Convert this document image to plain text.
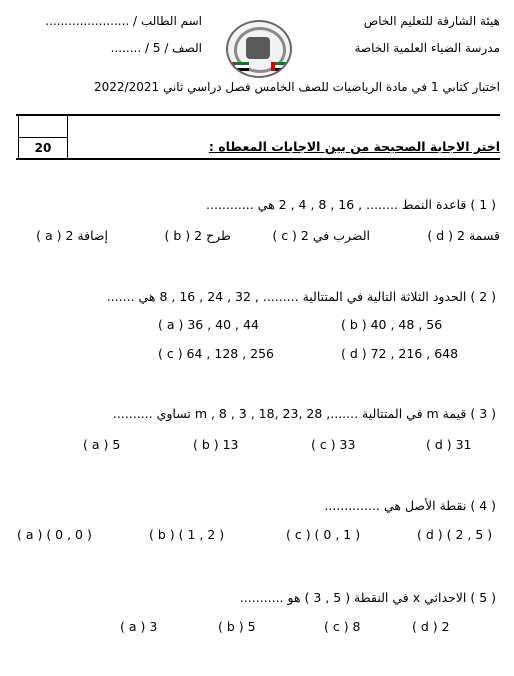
هيئة الشارقة للتعليم الخاص
اسم الطالب / ......................
مدرسة الضياء العلمية الخاصة
الصف / 5 / ........
اختبار كتابي 1 في مادة الرياضيات للصف الخامس فصل دراسي ثاني 2022/2021
20	اختر الاجابة الصحيحة من بين الاجابات المعطاه :
( 1 ) قاعدة النمط ........ , 16 , 8 , 4 , 2 هي ............
قسمة 2 ( d )
الضرب في 2 ( c )
طرح 2 ( b )
إضافة 2 ( a )
( 2 ) الحدود الثلاثة التالية في المتتالية ......... , 32 , 24 , 16 , 8 هي .......
( a ) 36 , 40 , 44	( b ) 40 , 48 , 56
( c ) 64 , 128 , 256	( d ) 72 , 216 , 648
( 3 ) قيمة m في المتتالية ......., 28 ,23 ,18 , m , 8 , 3 تساوي ..........
( a ) 5	( b ) 13	( c ) 33	( d ) 31
( 4 ) نقطة الأصل هي ..............
( a ) ( 0 , 0 )	( b ) ( 1 , 2 )	( c ) ( 0 , 1 )	( d ) ( 2 , 5 )
( 5 ) الاحداثي x في النقطة ( 5 , 3 ) هو ...........
( a ) 3	( b ) 5	( c ) 8	( d ) 2
